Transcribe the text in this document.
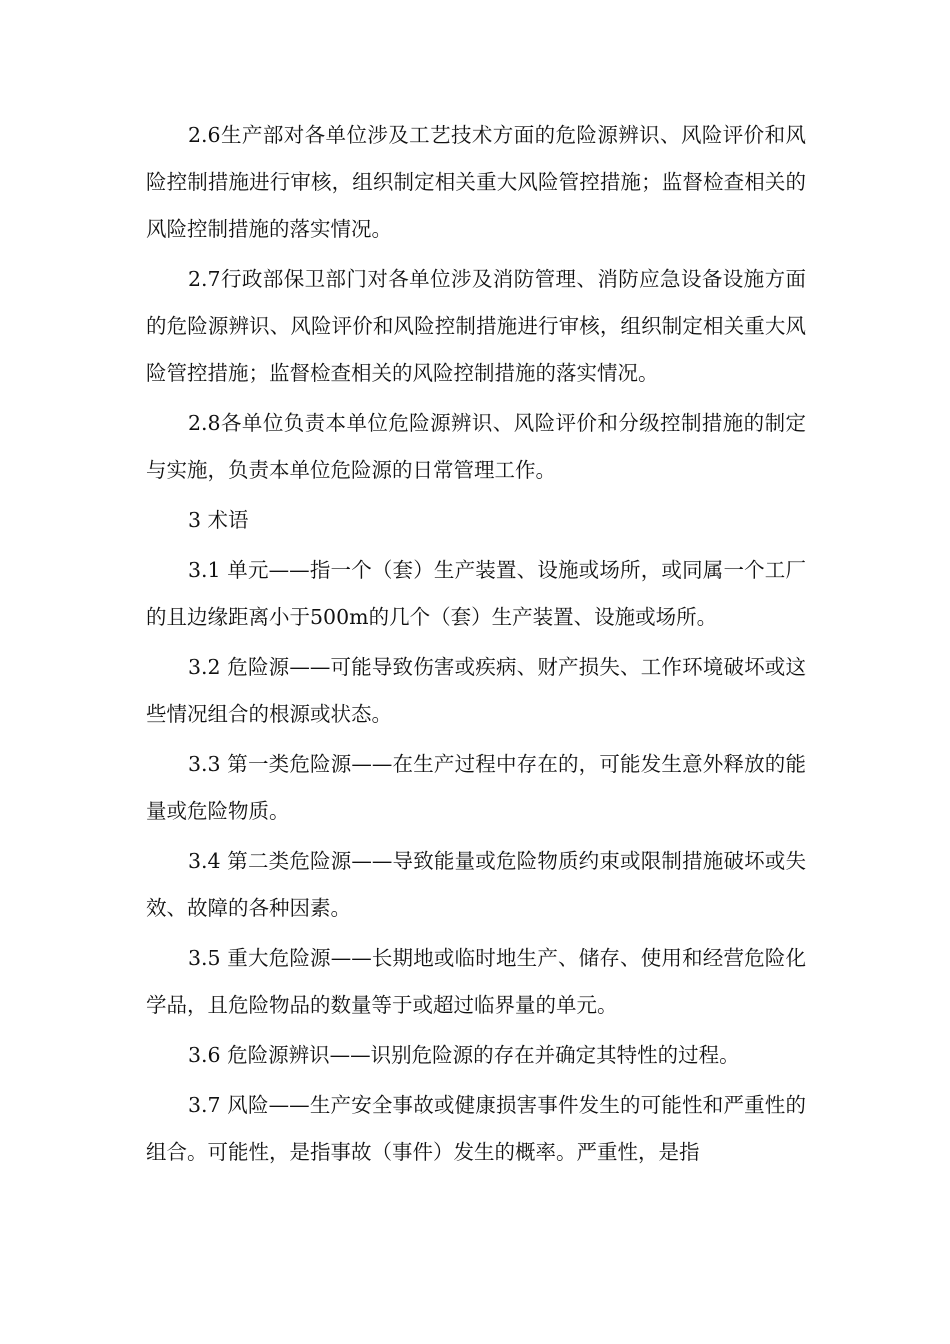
2.6生产部对各单位涉及工艺技术方面的危险源辨识、风险评价和风险控制措施进行审核，组织制定相关重大风险管控措施；监督检查相关的风险控制措施的落实情况。

2.7行政部保卫部门对各单位涉及消防管理、消防应急设备设施方面的危险源辨识、风险评价和风险控制措施进行审核，组织制定相关重大风险管控措施；监督检查相关的风险控制措施的落实情况。

2.8各单位负责本单位危险源辨识、风险评价和分级控制措施的制定与实施，负责本单位危险源的日常管理工作。

3 术语

3.1 单元——指一个（套）生产装置、设施或场所，或同属一个工厂的且边缘距离小于500m的几个（套）生产装置、设施或场所。

3.2 危险源——可能导致伤害或疾病、财产损失、工作环境破坏或这些情况组合的根源或状态。

3.3 第一类危险源——在生产过程中存在的，可能发生意外释放的能量或危险物质。

3.4 第二类危险源——导致能量或危险物质约束或限制措施破坏或失效、故障的各种因素。

3.5 重大危险源——长期地或临时地生产、储存、使用和经营危险化学品，且危险物品的数量等于或超过临界量的单元。

3.6 危险源辨识——识别危险源的存在并确定其特性的过程。

3.7 风险——生产安全事故或健康损害事件发生的可能性和严重性的组合。可能性，是指事故（事件）发生的概率。严重性，是指
